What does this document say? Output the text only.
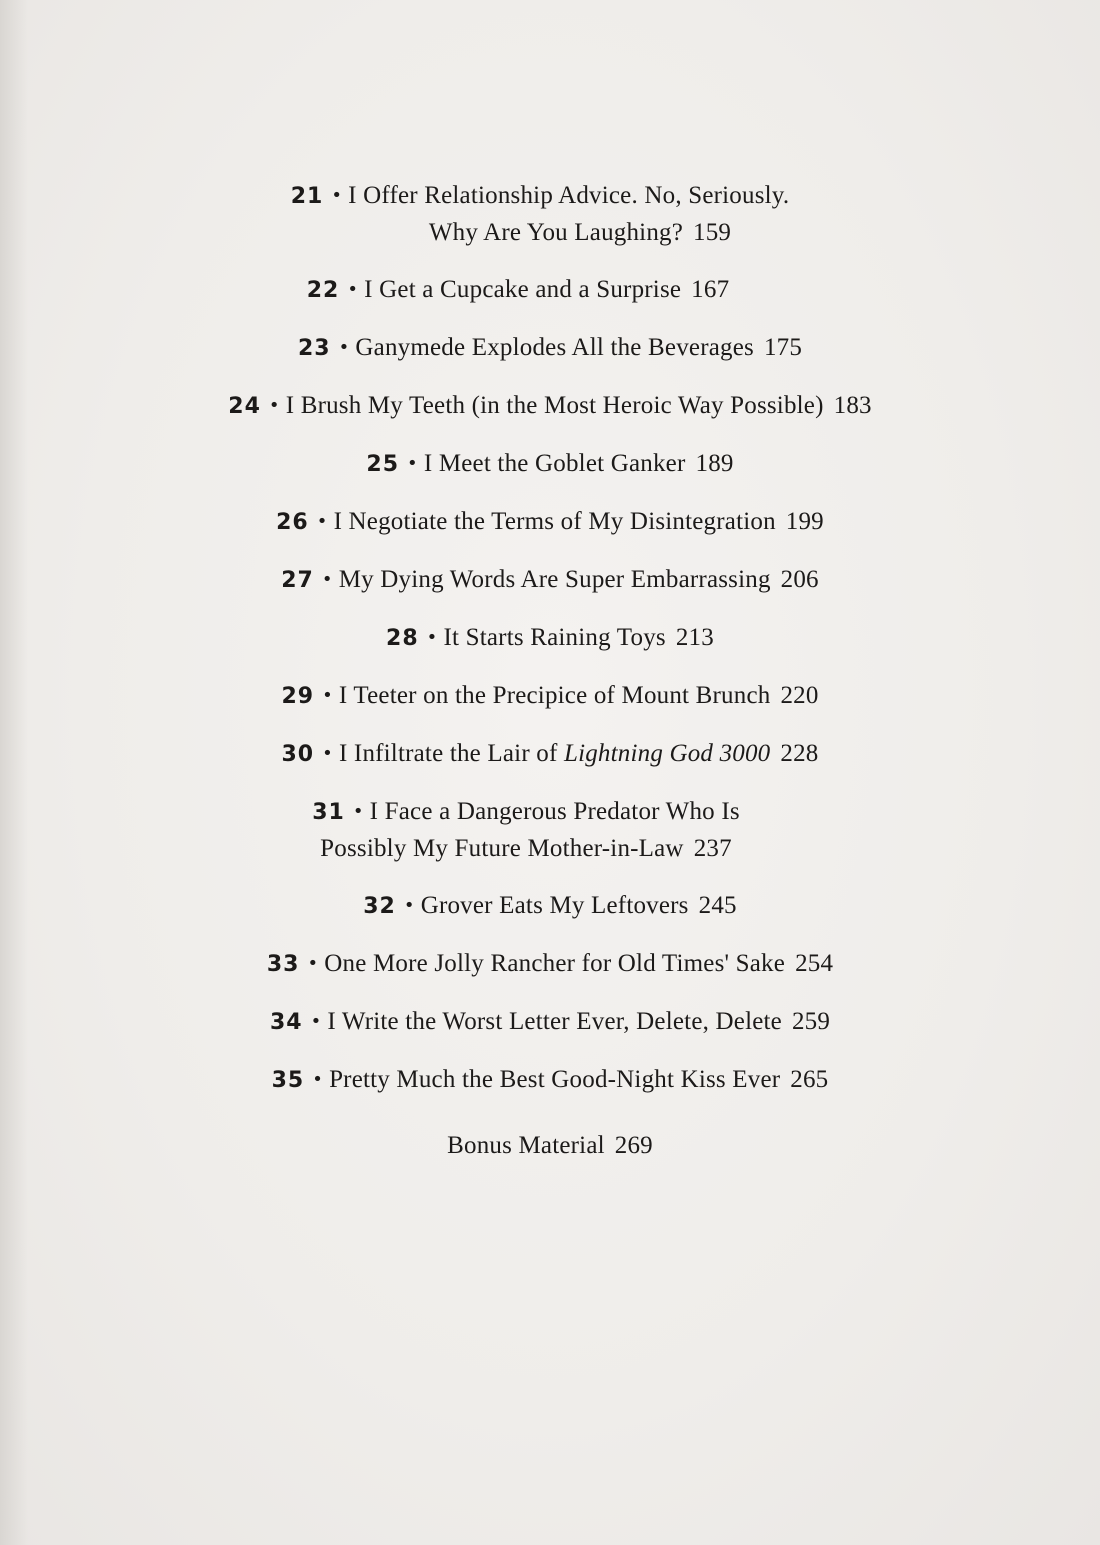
21 • I Offer Relationship Advice. No, Seriously.
Why Are You Laughing? 159
22 • I Get a Cupcake and a Surprise 167
23 • Ganymede Explodes All the Beverages 175
24 • I Brush My Teeth (in the Most Heroic Way Possible) 183
25 • I Meet the Goblet Ganker 189
26 • I Negotiate the Terms of My Disintegration 199
27 • My Dying Words Are Super Embarrassing 206
28 • It Starts Raining Toys 213
29 • I Teeter on the Precipice of Mount Brunch 220
30 • I Infiltrate the Lair of Lightning God 3000 228
31 • I Face a Dangerous Predator Who Is
Possibly My Future Mother-in-Law 237
32 • Grover Eats My Leftovers 245
33 • One More Jolly Rancher for Old Times' Sake 254
34 • I Write the Worst Letter Ever, Delete, Delete 259
35 • Pretty Much the Best Good-Night Kiss Ever 265
Bonus Material 269
